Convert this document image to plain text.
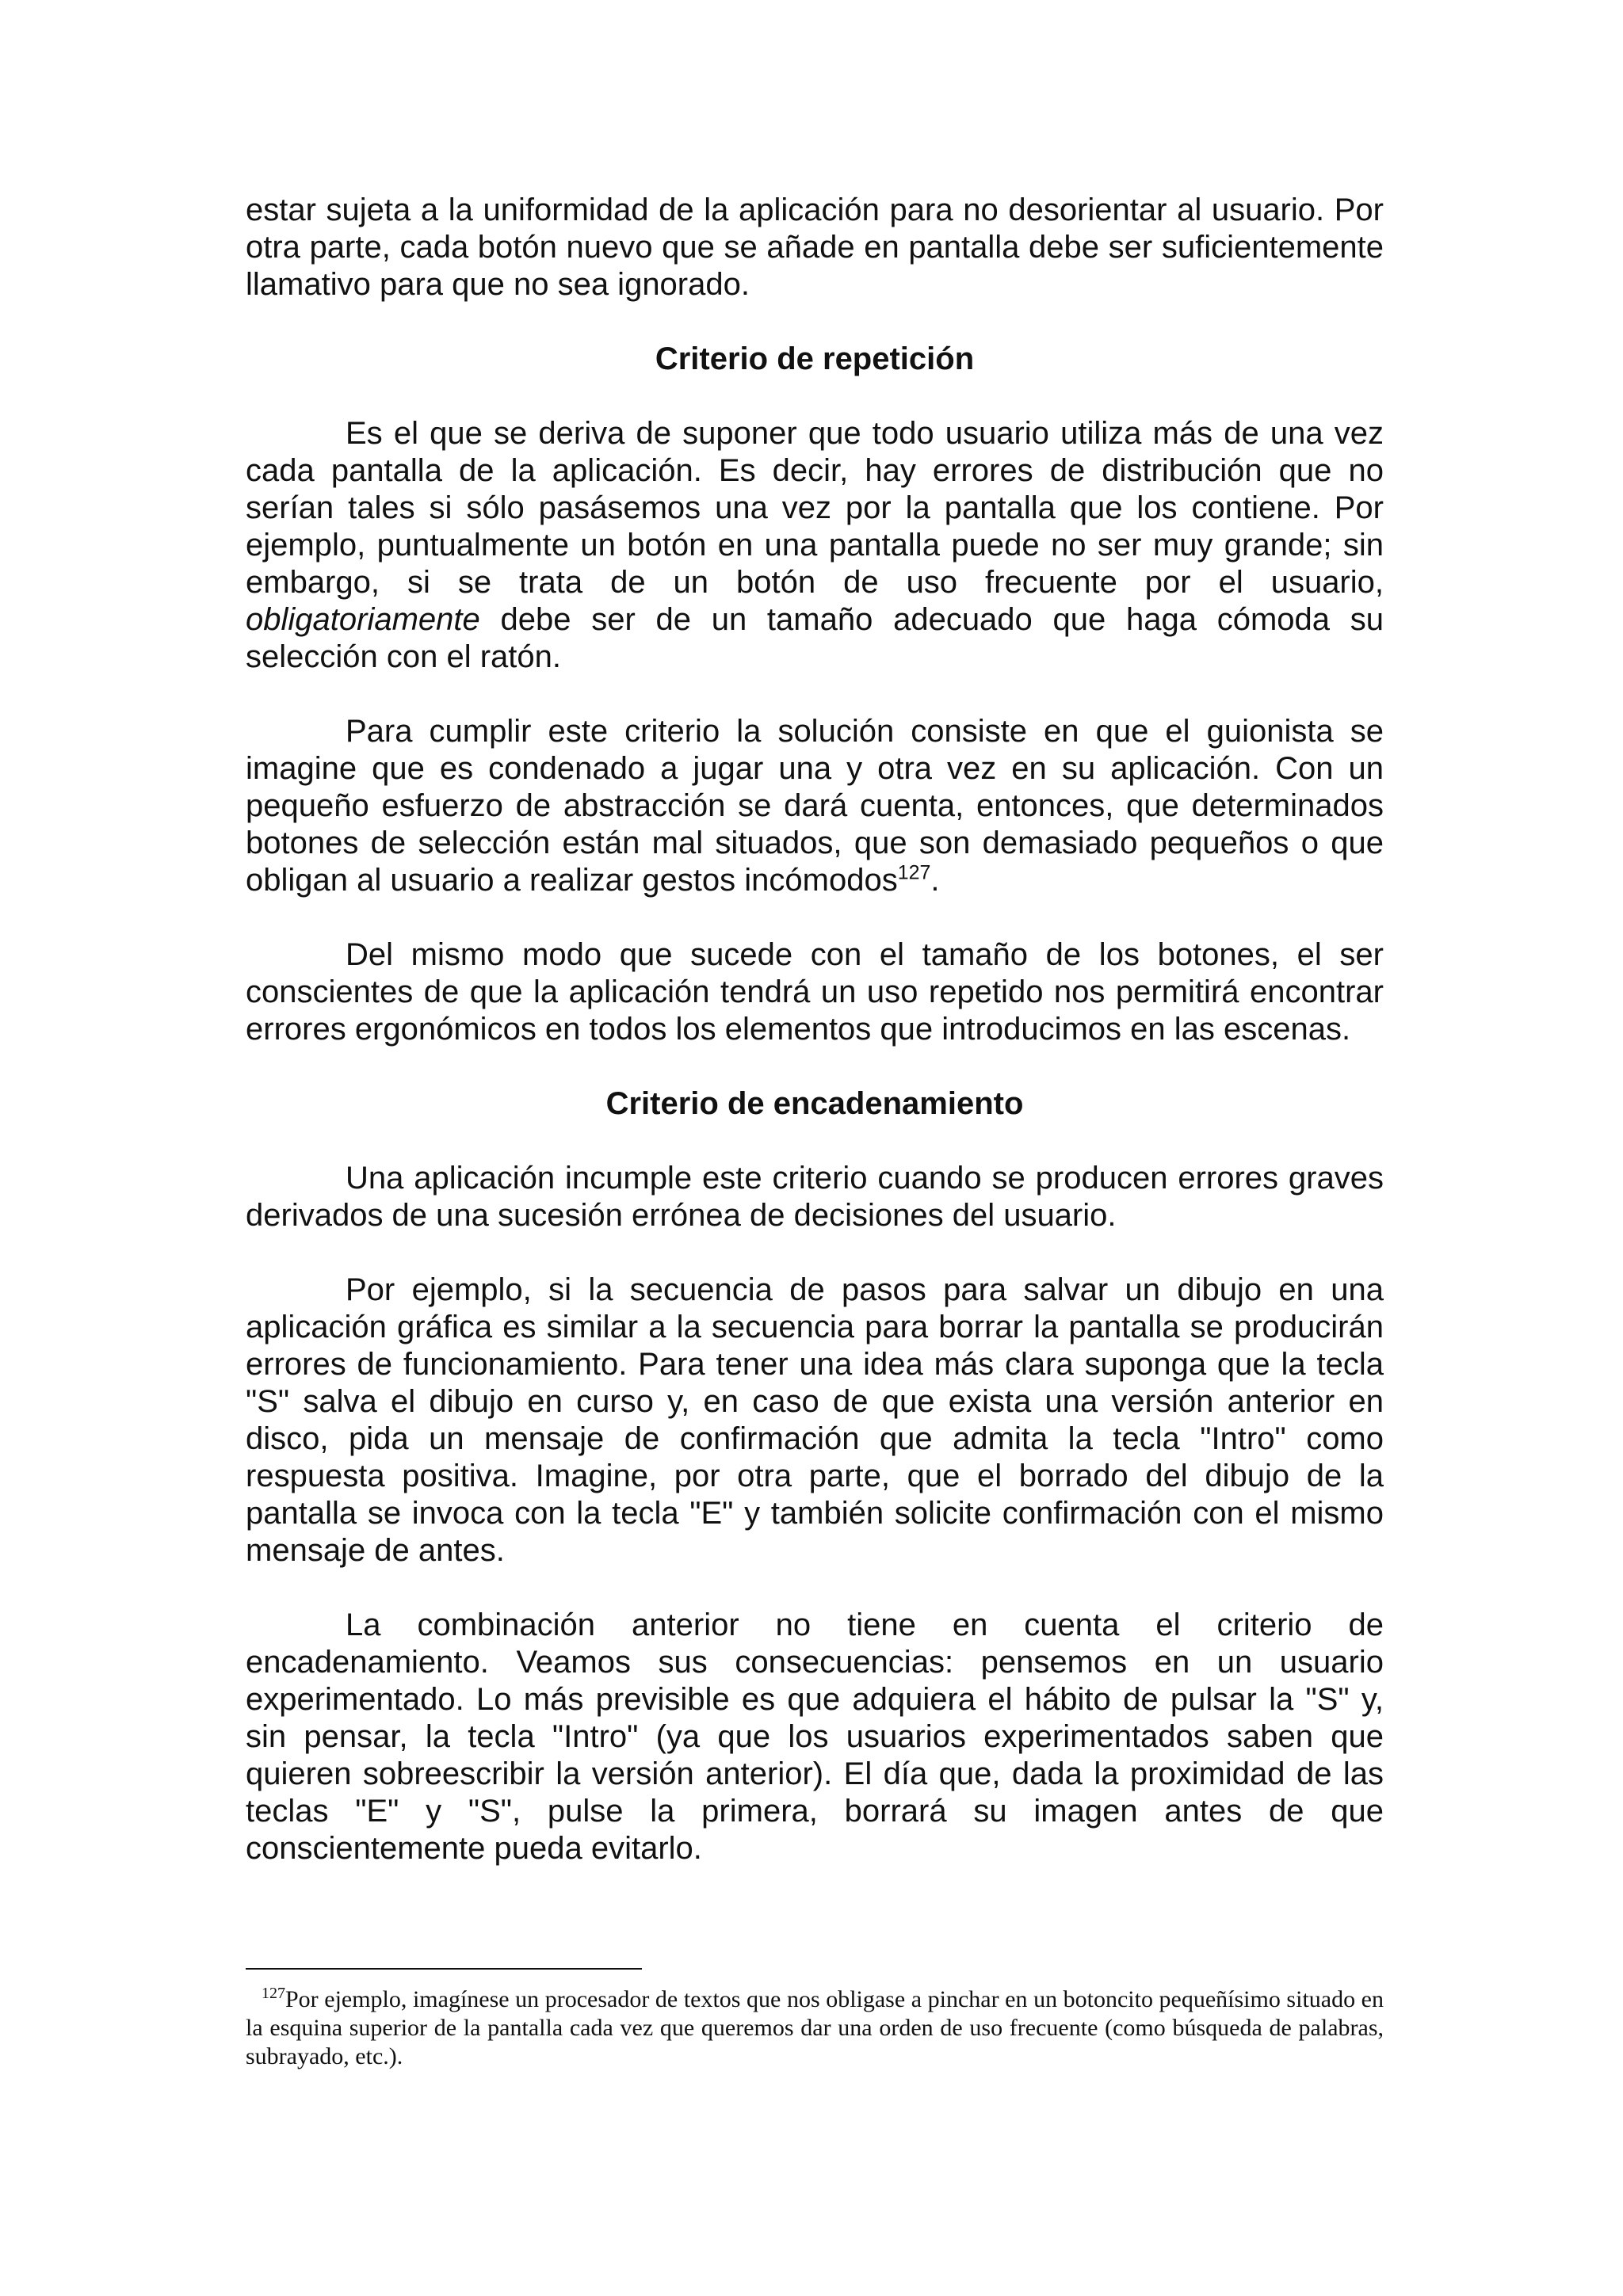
estar sujeta a la uniformidad de la aplicación para no desorientar al usuario. Por otra parte, cada botón nuevo que se añade en pantalla debe ser suficientemente llamativo para que no sea ignorado.

Criterio de repetición

Es el que se deriva de suponer que todo usuario utiliza más de una vez cada pantalla de la aplicación. Es decir, hay errores de distribución que no serían tales si sólo pasásemos una vez por la pantalla que los contiene. Por ejemplo, puntualmente un botón en una pantalla puede no ser muy grande; sin embargo, si se trata de un botón de uso frecuente por el usuario, obligatoriamente debe ser de un tamaño adecuado que haga cómoda su selección con el ratón.

Para cumplir este criterio la solución consiste en que el guionista se imagine que es condenado a jugar una y otra vez en su aplicación. Con un pequeño esfuerzo de abstracción se dará cuenta, entonces, que determinados botones de selección están mal situados, que son demasiado pequeños o que obligan al usuario a realizar gestos incómodos$^{127}$.

Del mismo modo que sucede con el tamaño de los botones, el ser conscientes de que la aplicación tendrá un uso repetido nos permitirá encontrar errores ergonómicos en todos los elementos que introducimos en las escenas.

Criterio de encadenamiento

Una aplicación incumple este criterio cuando se producen errores graves derivados de una sucesión errónea de decisiones del usuario.

Por ejemplo, si la secuencia de pasos para salvar un dibujo en una aplicación gráfica es similar a la secuencia para borrar la pantalla se producirán errores de funcionamiento. Para tener una idea más clara suponga que la tecla "S" salva el dibujo en curso y, en caso de que exista una versión anterior en disco, pida un mensaje de confirmación que admita la tecla "Intro" como respuesta positiva. Imagine, por otra parte, que el borrado del dibujo de la pantalla se invoca con la tecla "E" y también solicite confirmación con el mismo mensaje de antes.

La combinación anterior no tiene en cuenta el criterio de encadenamiento. Veamos sus consecuencias: pensemos en un usuario experimentado. Lo más previsible es que adquiera el hábito de pulsar la "S" y, sin pensar, la tecla "Intro" (ya que los usuarios experimentados saben que quieren sobreescribir la versión anterior). El día que, dada la proximidad de las teclas "E" y "S", pulse la primera, borrará su imagen antes de que conscientemente pueda evitarlo.

$^{127}$Por ejemplo, imagínese un procesador de textos que nos obligase a pinchar en un botoncito pequeñísimo situado en la esquina superior de la pantalla cada vez que queremos dar una orden de uso frecuente (como búsqueda de palabras, subrayado, etc.).
